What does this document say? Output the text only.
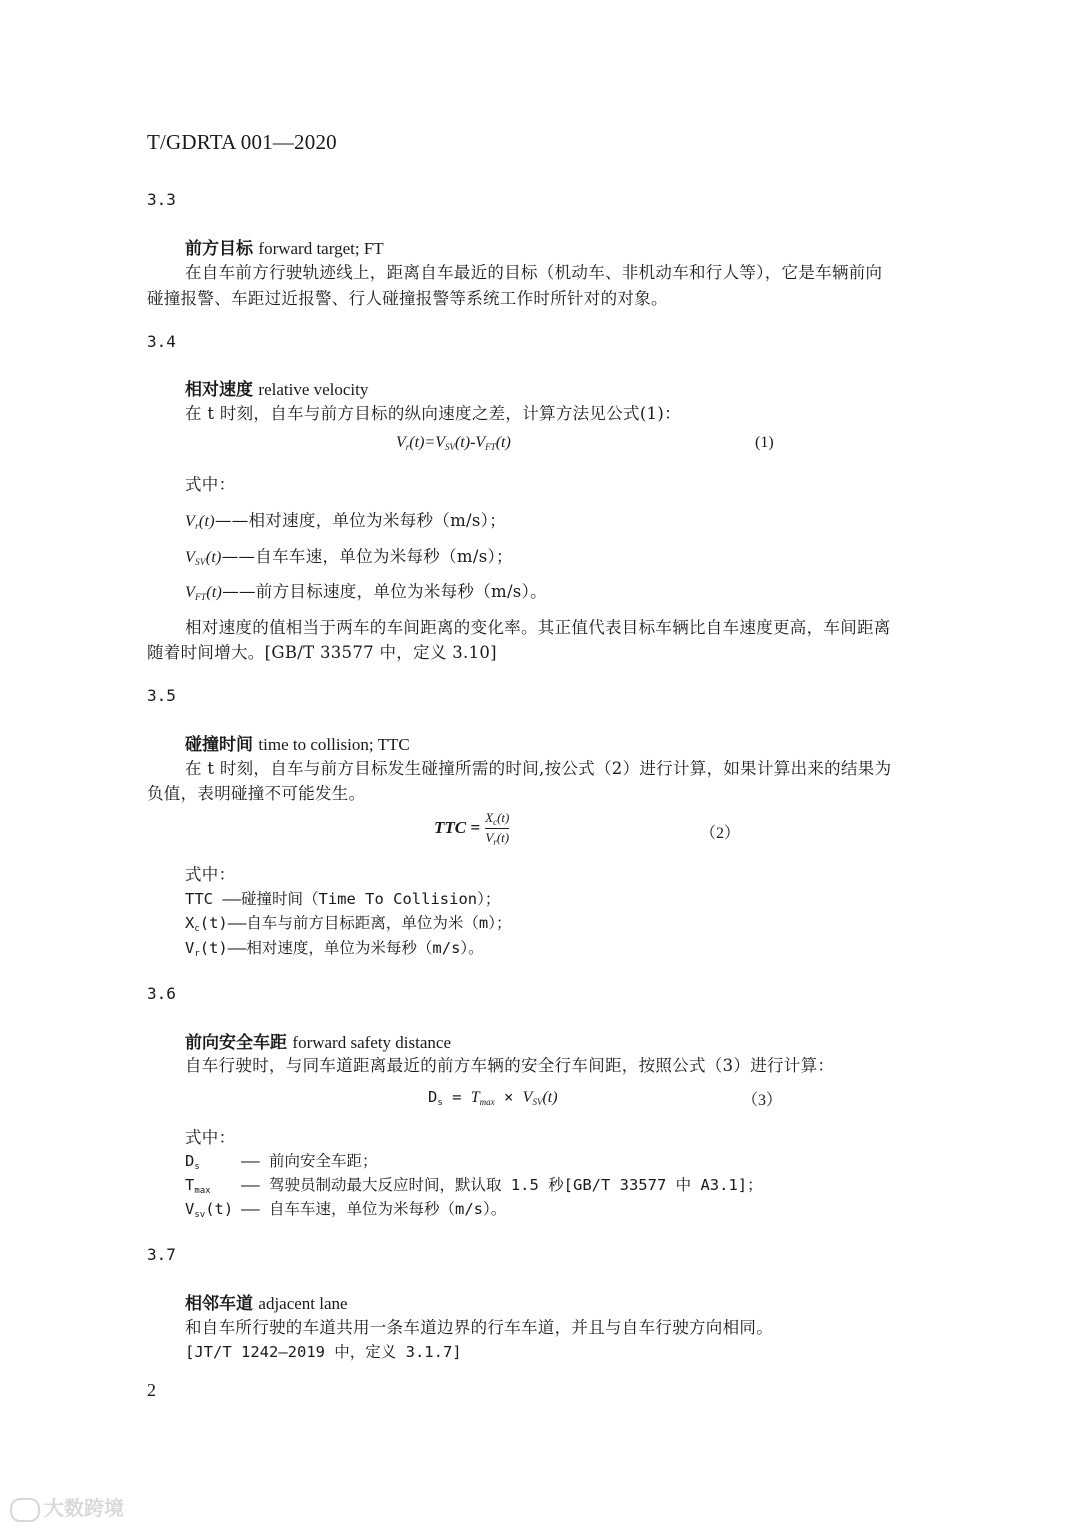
T/GDRTA 001—2020
3.3
前方目标 forward target; FT
在自车前方行驶轨迹线上，距离自车最近的目标（机动车、非机动车和行人等），它是车辆前向
碰撞报警、车距过近报警、行人碰撞报警等系统工作时所针对的对象。
3.4
相对速度 relative velocity
在 t 时刻，自车与前方目标的纵向速度之差，计算方法见公式(1)：
$V_r(t)=V_{SV}(t)-V_{FT}(t)$	(1)
式中：
$V_r(t)——$相对速度，单位为米每秒（m/s）；
$V_{SV}(t)——$自车车速，单位为米每秒（m/s）；
$V_{FT}(t)——$前方目标速度，单位为米每秒（m/s）。
相对速度的值相当于两车的车间距离的变化率。其正值代表目标车辆比自车速度更高，车间距离
随着时间增大。[GB/T 33577 中，定义 3.10]
3.5
碰撞时间 time to collision; TTC
在 t 时刻，自车与前方目标发生碰撞所需的时间,按公式（2）进行计算，如果计算出来的结果为
负值，表明碰撞不可能发生。
TTC = $\frac{X_c(t)}{V_r(t)}$	（2）
式中：
TTC ——碰撞时间（Time To Collision）；
$X_c(t)——$自车与前方目标距离，单位为米（m）；
$V_r(t)——$相对速度，单位为米每秒（m/s）。
3.6
前向安全车距 forward safety distance
自车行驶时，与同车道距离最近的前方车辆的安全行车间距，按照公式（3）进行计算：
$D_s = T_{max} \times V_{SV}(t)$	（3）
式中：
$D_s$	—— 前向安全车距；
$T_{max}$ —— 驾驶员制动最大反应时间，默认取 1.5 秒[GB/T 33577 中 A3.1]；
$V_{sv}(t)$ —— 自车车速，单位为米每秒（m/s）。
3.7
相邻车道 adjacent lane
和自车所行驶的车道共用一条车道边界的行车车道，并且与自车行驶方向相同。
[JT/T 1242—2019 中，定义 3.1.7]
2
大数跨境
